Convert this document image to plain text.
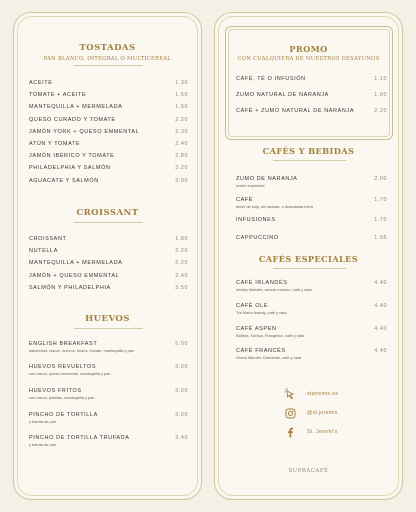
TOSTADAS
PAN BLANCO, INTEGRAL O MULTICEREAL
ACEITE	1.30
TOMATE + ACEITE	1.50
MANTEQUILLA + MERMELADA	1.50
QUESO CURADO Y TOMATE	2.20
JAMÓN YORK + QUESO EMMENTAL	2.30
ATÚN Y TOMATE	2.40
JAMÓN IBÉRICO Y TOMATE	2.80
PHILADELPHIA Y SALMÓN	3.20
AGUACATE Y SALMÓN	3.90
CROISSANT
CROISSANT	1.80
NUTELLA	2.20
MANTEQUILLA + MERMELADA	2.25
JAMÓN + QUESO EMMENTAL	2.40
SALMÓN Y PHILADELPHIA	3.50
HUEVOS
ENGLISH BREAKFAST	5.00
salchichas, bacon, huevos, beans, tomate, mantequilla y pan
HUEVOS REVUELTOS	3.00
con bacon, queso emmental, mantequilla y pan
HUEVOS FRITOS	3.00
con bacon, patatas, mantequilla y pan
PINCHO DE TORTILLA	3.00
y barrita de pan
PINCHO DE TORTILLA TRUFADA	3.40
y barrita de pan
PROMO
CON CUALQUIERA DE NUESTROS DESAYUNOS
CAFÉ, TÉ O INFUSIÓN	1.10
ZUMO NATURAL DE NARANJA	1.60
CAFÉ + ZUMO NATURAL DE NARANJA	2.20
CAFÉS Y BEBIDAS
ZUMO DE NARANJA	2.00
recién exprimido
CAFÉ	1.70
leche de soja, sin lactosa, o desnatada extra
INFUSIONES	1.70
CAPPUCCINO	1.95
CAFÉS ESPECIALES
CAFÉ IRLANDÉS	4.40
whisky irlandés, azúcar moreno, café y nata
CAFÉ OLE	4.40
Tía María brandy, café y nata
CAFÉ ASPEN	4.40
Baileys, Kahlua, Frangelico, café y nata
CAFÉ FRANCÉS	4.40
Grand Marnier, Drambuie, café y nata
stjeremis.es
@st.jeremis
St. Jeremi's
SUPRACAFÉ
